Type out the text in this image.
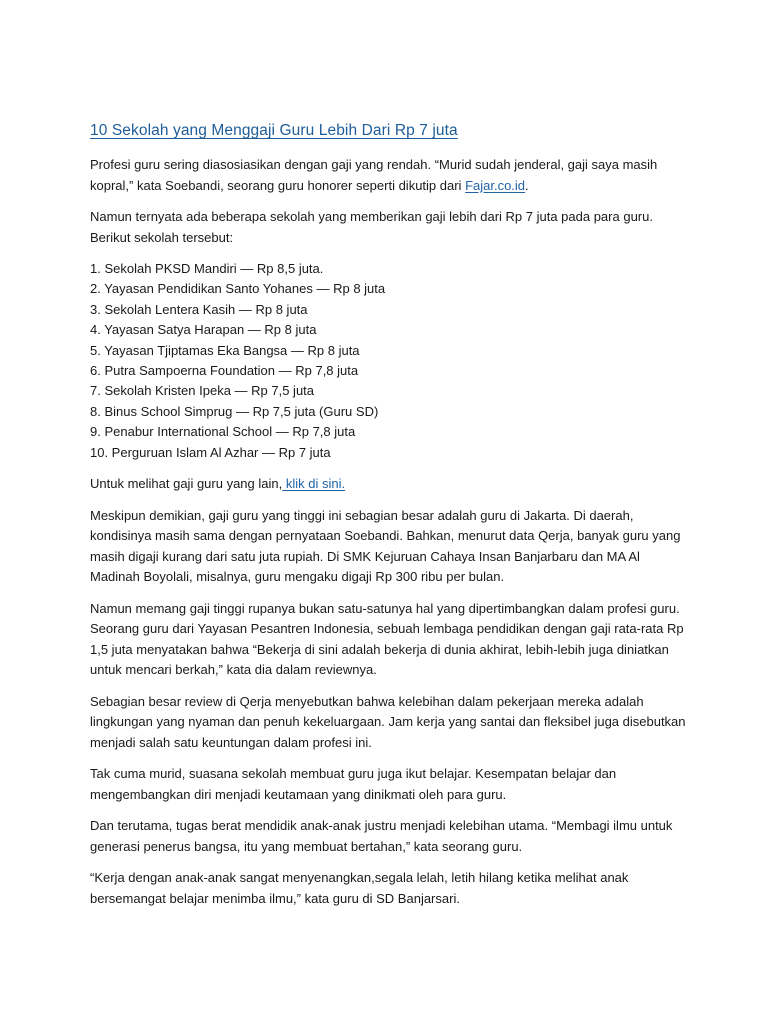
10 Sekolah yang Menggaji Guru Lebih Dari Rp 7 juta

Profesi guru sering diasosiasikan dengan gaji yang rendah. “Murid sudah jenderal, gaji saya masih kopral,” kata Soebandi, seorang guru honorer seperti dikutip dari Fajar.co.id.

Namun ternyata ada beberapa sekolah yang memberikan gaji lebih dari Rp 7 juta pada para guru. Berikut sekolah tersebut:

1. Sekolah PKSD Mandiri — Rp 8,5 juta.
2. Yayasan Pendidikan Santo Yohanes — Rp 8 juta
3. Sekolah Lentera Kasih — Rp 8 juta
4. Yayasan Satya Harapan — Rp 8 juta
5. Yayasan Tjiptamas Eka Bangsa — Rp 8 juta
6. Putra Sampoerna Foundation — Rp 7,8 juta
7. Sekolah Kristen Ipeka — Rp 7,5 juta
8. Binus School Simprug — Rp 7,5 juta (Guru SD)
9. Penabur International School — Rp 7,8 juta
10. Perguruan Islam Al Azhar — Rp 7 juta

Untuk melihat gaji guru yang lain, klik di sini.

Meskipun demikian, gaji guru yang tinggi ini sebagian besar adalah guru di Jakarta. Di daerah, kondisinya masih sama dengan pernyataan Soebandi. Bahkan, menurut data Qerja, banyak guru yang masih digaji kurang dari satu juta rupiah. Di SMK Kejuruan Cahaya Insan Banjarbaru dan MA Al Madinah Boyolali, misalnya, guru mengaku digaji Rp 300 ribu per bulan.

Namun memang gaji tinggi rupanya bukan satu-satunya hal yang dipertimbangkan dalam profesi guru. Seorang guru dari Yayasan Pesantren Indonesia, sebuah lembaga pendidikan dengan gaji rata-rata Rp 1,5 juta menyatakan bahwa “Bekerja di sini adalah bekerja di dunia akhirat, lebih-lebih juga diniatkan untuk mencari berkah,” kata dia dalam reviewnya.

Sebagian besar review di Qerja menyebutkan bahwa kelebihan dalam pekerjaan mereka adalah lingkungan yang nyaman dan penuh kekeluargaan. Jam kerja yang santai dan fleksibel juga disebutkan menjadi salah satu keuntungan dalam profesi ini.

Tak cuma murid, suasana sekolah membuat guru juga ikut belajar. Kesempatan belajar dan mengembangkan diri menjadi keutamaan yang dinikmati oleh para guru.

Dan terutama, tugas berat mendidik anak-anak justru menjadi kelebihan utama. “Membagi ilmu untuk generasi penerus bangsa, itu yang membuat bertahan,” kata seorang guru.

“Kerja dengan anak-anak sangat menyenangkan,segala lelah, letih hilang ketika melihat anak bersemangat belajar menimba ilmu,” kata guru di SD Banjarsari.
